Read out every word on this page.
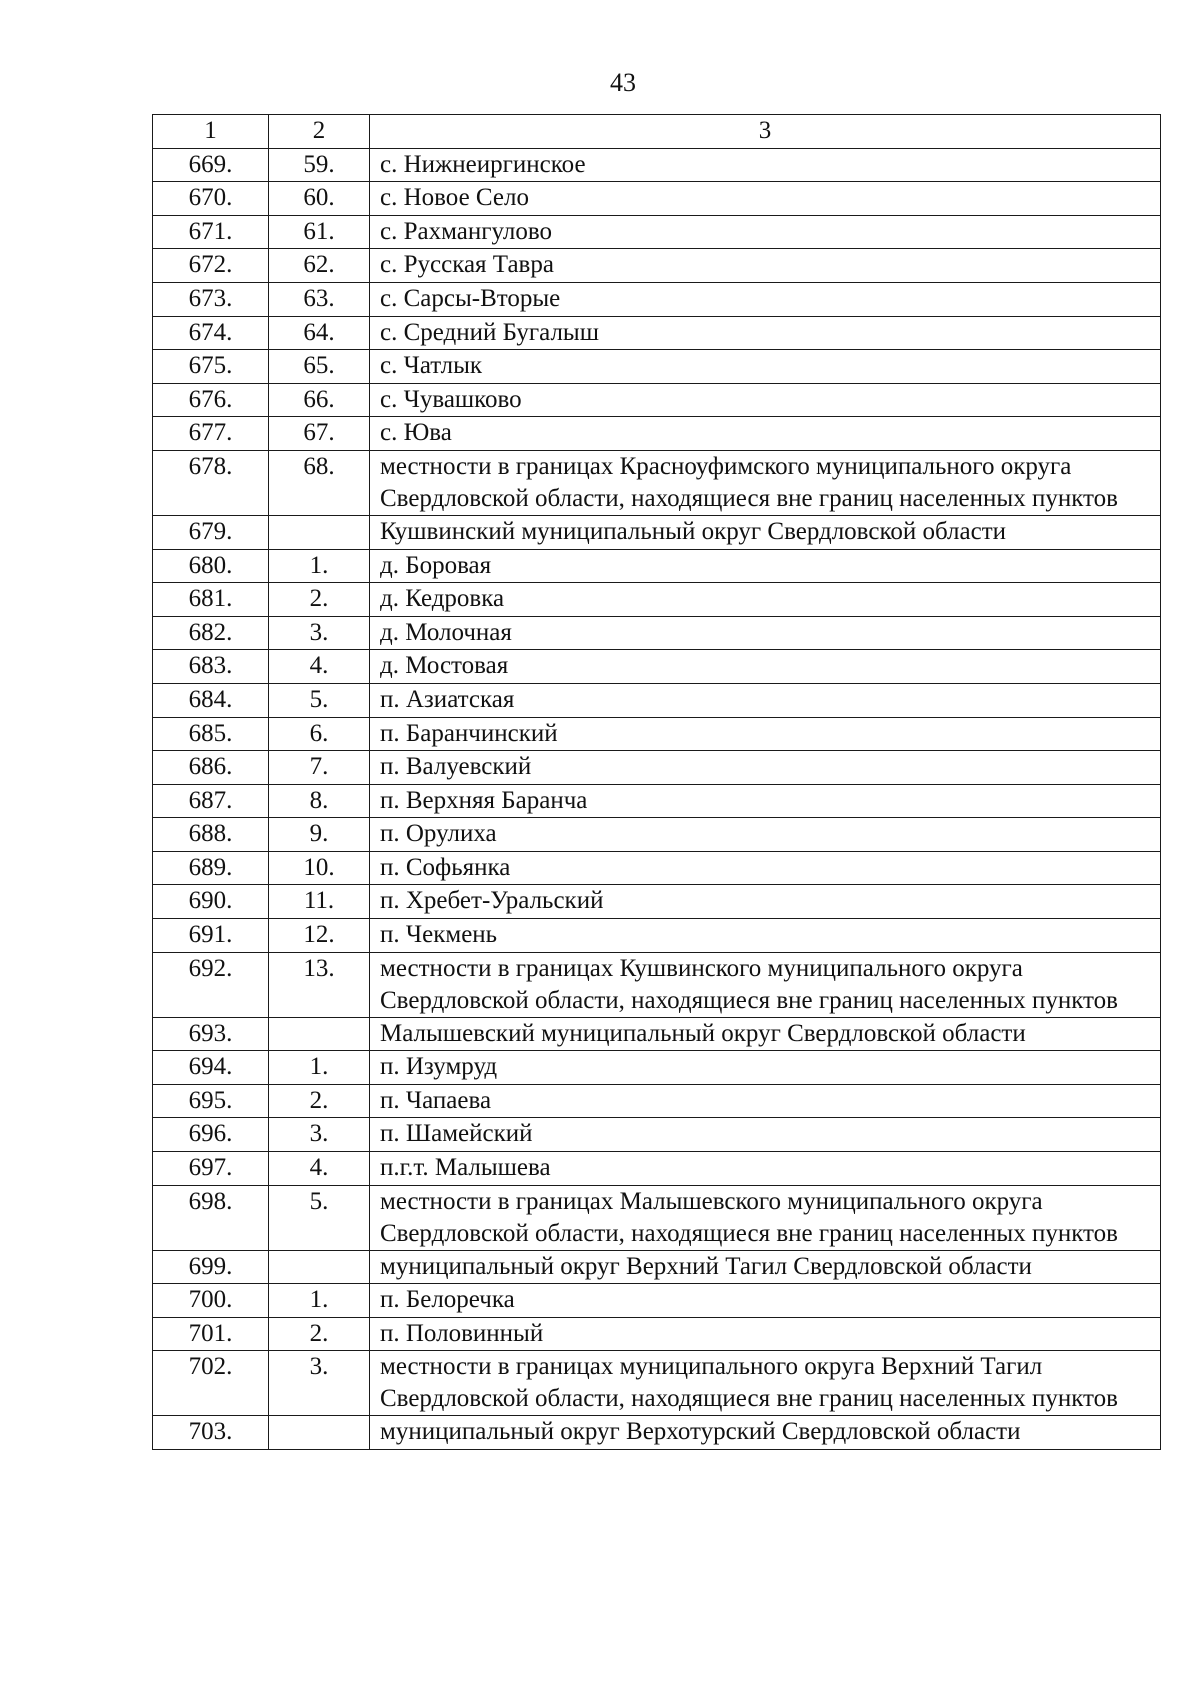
43
1	2	3
669.	59.	с. Нижнеиргинское
670.	60.	с. Новое Село
671.	61.	с. Рахмангулово
672.	62.	с. Русская Тавра
673.	63.	с. Сарсы-Вторые
674.	64.	с. Средний Бугалыш
675.	65.	с. Чатлык
676.	66.	с. Чувашково
677.	67.	с. Юва
678.	68.	местности в границах Красноуфимского муниципального округа Свердловской области, находящиеся вне границ населенных пунктов
679.		Кушвинский муниципальный округ Свердловской области
680.	1.	д. Боровая
681.	2.	д. Кедровка
682.	3.	д. Молочная
683.	4.	д. Мостовая
684.	5.	п. Азиатская
685.	6.	п. Баранчинский
686.	7.	п. Валуевский
687.	8.	п. Верхняя Баранча
688.	9.	п. Орулиха
689.	10.	п. Софьянка
690.	11.	п. Хребет-Уральский
691.	12.	п. Чекмень
692.	13.	местности в границах Кушвинского муниципального округа Свердловской области, находящиеся вне границ населенных пунктов
693.		Малышевский муниципальный округ Свердловской области
694.	1.	п. Изумруд
695.	2.	п. Чапаева
696.	3.	п. Шамейский
697.	4.	п.г.т. Малышева
698.	5.	местности в границах Малышевского муниципального округа Свердловской области, находящиеся вне границ населенных пунктов
699.		муниципальный округ Верхний Тагил Свердловской области
700.	1.	п. Белоречка
701.	2.	п. Половинный
702.	3.	местности в границах муниципального округа Верхний Тагил Свердловской области, находящиеся вне границ населенных пунктов
703.		муниципальный округ Верхотурский Свердловской области
